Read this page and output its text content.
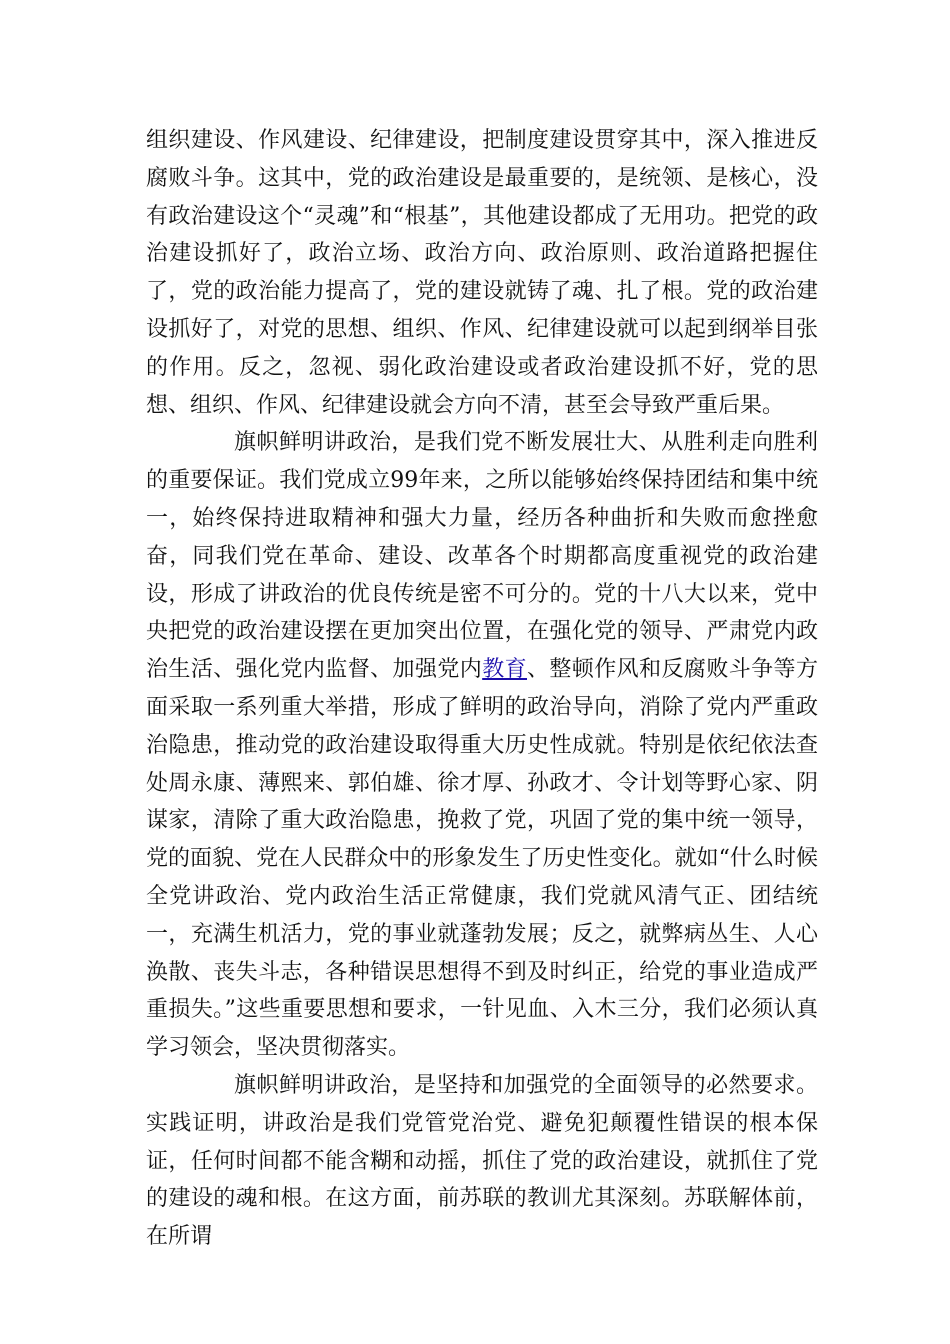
组织建设、作风建设、纪律建设，把制度建设贯穿其中，深入推进反腐败斗争。这其中，党的政治建设是最重要的，是统领、是核心，没有政治建设这个“灵魂”和“根基”，其他建设都成了无用功。把党的政治建设抓好了，政治立场、政治方向、政治原则、政治道路把握住了，党的政治能力提高了，党的建设就铸了魂、扎了根。党的政治建设抓好了，对党的思想、组织、作风、纪律建设就可以起到纲举目张的作用。反之，忽视、弱化政治建设或者政治建设抓不好，党的思想、组织、作风、纪律建设就会方向不清，甚至会导致严重后果。

旗帜鲜明讲政治，是我们党不断发展壮大、从胜利走向胜利的重要保证。我们党成立99年来，之所以能够始终保持团结和集中统一，始终保持进取精神和强大力量，经历各种曲折和失败而愈挫愈奋，同我们党在革命、建设、改革各个时期都高度重视党的政治建设，形成了讲政治的优良传统是密不可分的。党的十八大以来，党中央把党的政治建设摆在更加突出位置，在强化党的领导、严肃党内政治生活、强化党内监督、加强党内教育、整顿作风和反腐败斗争等方面采取一系列重大举措，形成了鲜明的政治导向，消除了党内严重政治隐患，推动党的政治建设取得重大历史性成就。特别是依纪依法查处周永康、薄熙来、郭伯雄、徐才厚、孙政才、令计划等野心家、阴谋家，清除了重大政治隐患，挽救了党，巩固了党的集中统一领导，党的面貌、党在人民群众中的形象发生了历史性变化。就如“什么时候全党讲政治、党内政治生活正常健康，我们党就风清气正、团结统一，充满生机活力，党的事业就蓬勃发展；反之，就弊病丛生、人心涣散、丧失斗志，各种错误思想得不到及时纠正，给党的事业造成严重损失。”这些重要思想和要求，一针见血、入木三分，我们必须认真学习领会，坚决贯彻落实。

旗帜鲜明讲政治，是坚持和加强党的全面领导的必然要求。实践证明，讲政治是我们党管党治党、避免犯颠覆性错误的根本保证，任何时间都不能含糊和动摇，抓住了党的政治建设，就抓住了党的建设的魂和根。在这方面，前苏联的教训尤其深刻。苏联解体前，在所谓
